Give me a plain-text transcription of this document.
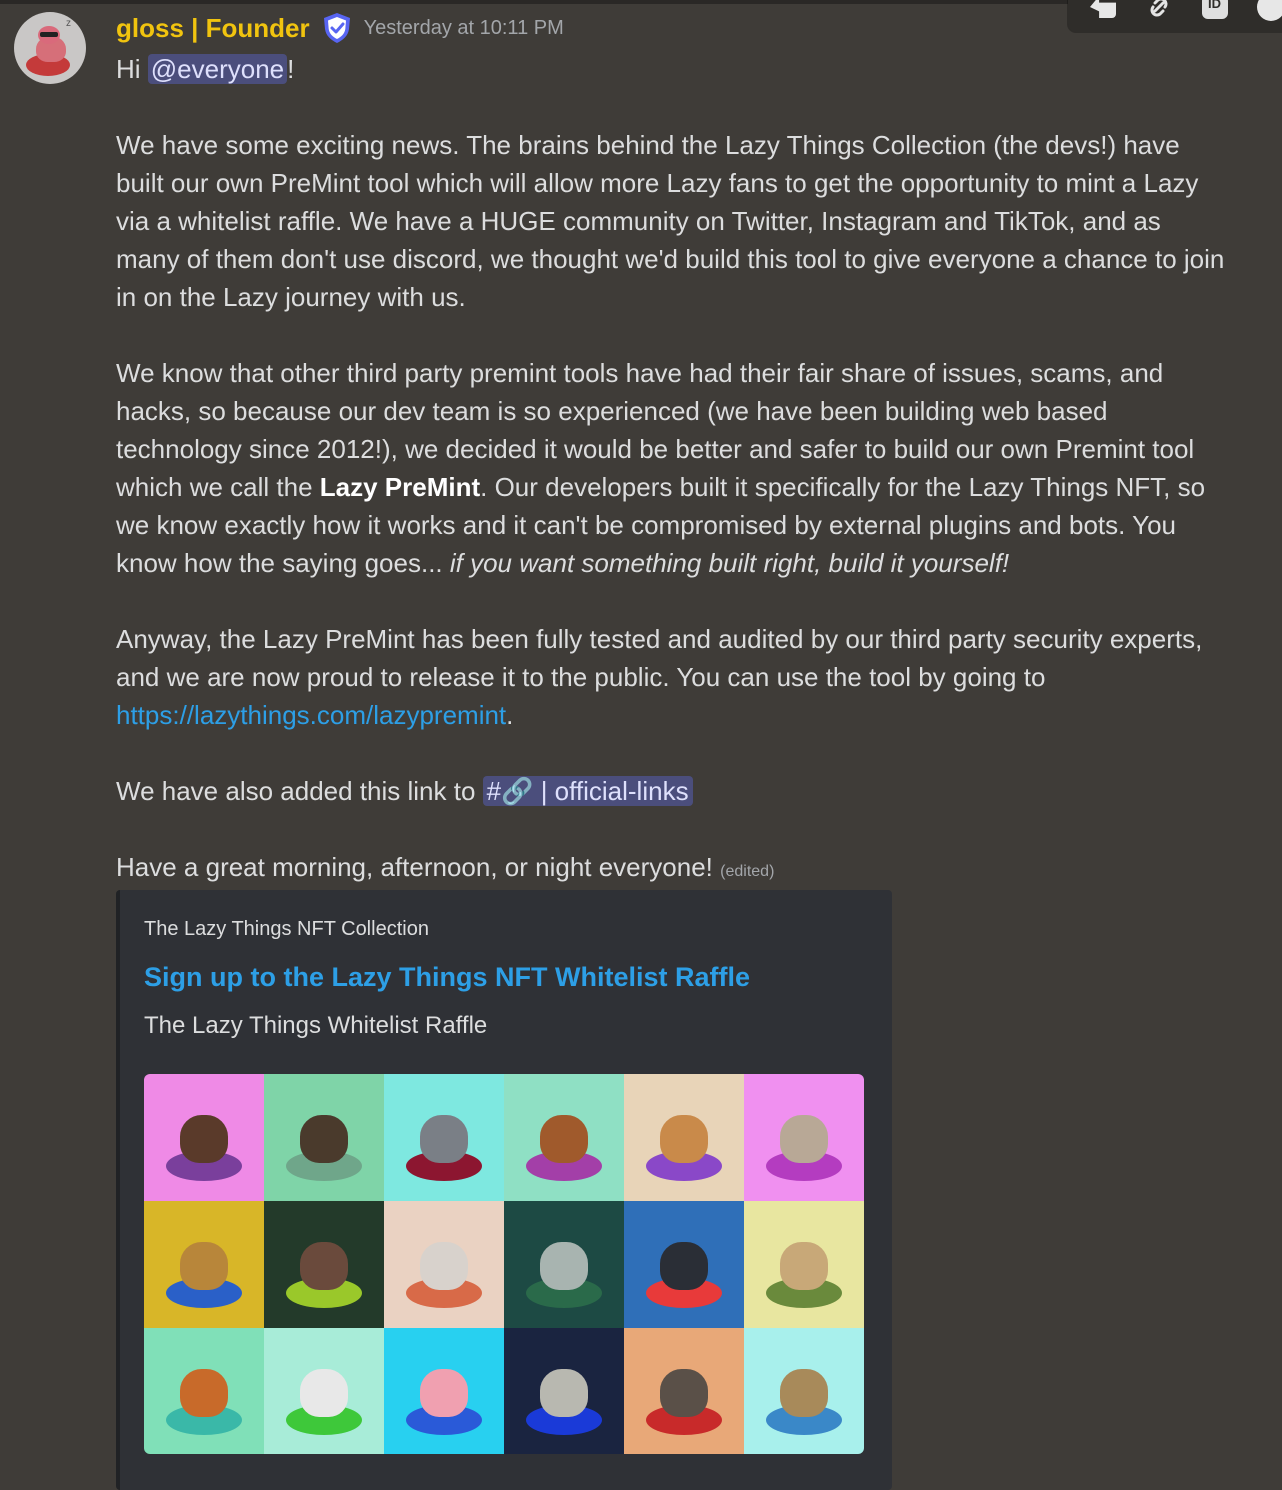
ID
z gloss | Founder	Yesterday at 10:11 PM

Hi @everyone !

We have some exciting news. The brains behind the Lazy Things Collection (the devs!) have built our own PreMint tool which will allow more Lazy fans to get the opportunity to mint a Lazy via a whitelist raffle. We have a HUGE community on Twitter, Instagram and TikTok, and as many of them don't use discord, we thought we'd build this tool to give everyone a chance to join in on the Lazy journey with us.

We know that other third party premint tools have had their fair share of issues, scams, and hacks, so because our dev team is so experienced (we have been building web based technology since 2012!), we decided it would be better and safer to build our own Premint tool which we call the Lazy PreMint. Our developers built it specifically for the Lazy Things NFT, so we know exactly how it works and it can't be compromised by external plugins and bots. You know how the saying goes... if you want something built right, build it yourself!

Anyway, the Lazy PreMint has been fully tested and audited by our third party security experts, and we are now proud to release it to the public. You can use the tool by going to https://lazythings.com/lazypremint.

We have also added this link to #🔗 | official-links

Have a great morning, afternoon, or night everyone! (edited)

The Lazy Things NFT Collection
Sign up to the Lazy Things NFT Whitelist Raffle
The Lazy Things Whitelist Raffle
